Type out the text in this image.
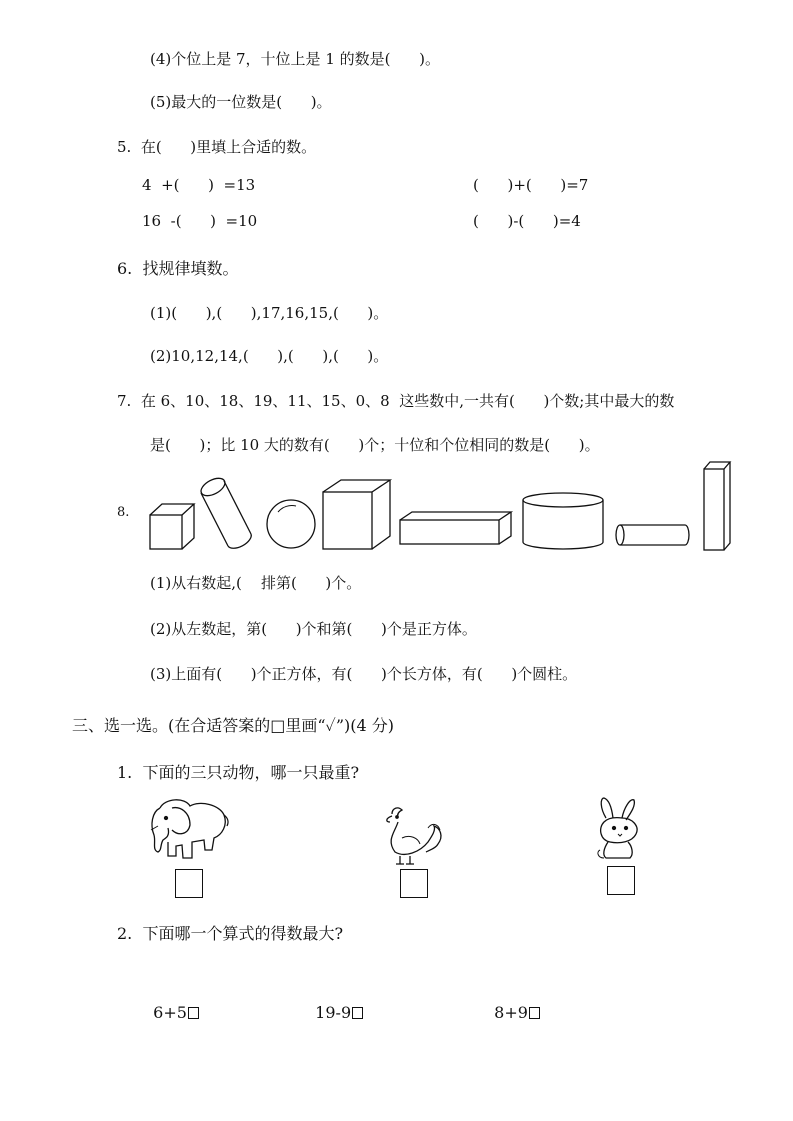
(4)个位上是 7，十位上是 1 的数是(      )。
(5)最大的一位数是(      )。
5.  在(      )里填上合适的数。
4  +(      )  =13	(      )+(      )=7
16  -(      )  =10	(      )-(      )=4
6.  找规律填数。
(1)(      ),(      ),17,16,15,(      )。
(2)10,12,14,(      ),(      ),(      )。
7.  在 6、10、18、19、11、15、0、8  这些数中,一共有(      )个数;其中最大的数
是(      )；比 10 大的数有(      )个；十位和个位相同的数是(      )。
8.
(1)从右数起,(    排第(      )个。
(2)从左数起，第(      )个和第(      )个是正方体。
(3)上面有(      )个正方体，有(      )个长方体，有(      )个圆柱。
三、选一选。(在合适答案的□里画“✓”)(4 分)
1.  下面的三只动物，哪一只最重?
2.  下面哪一个算式的得数最大?

6+5	19-9	8+9
